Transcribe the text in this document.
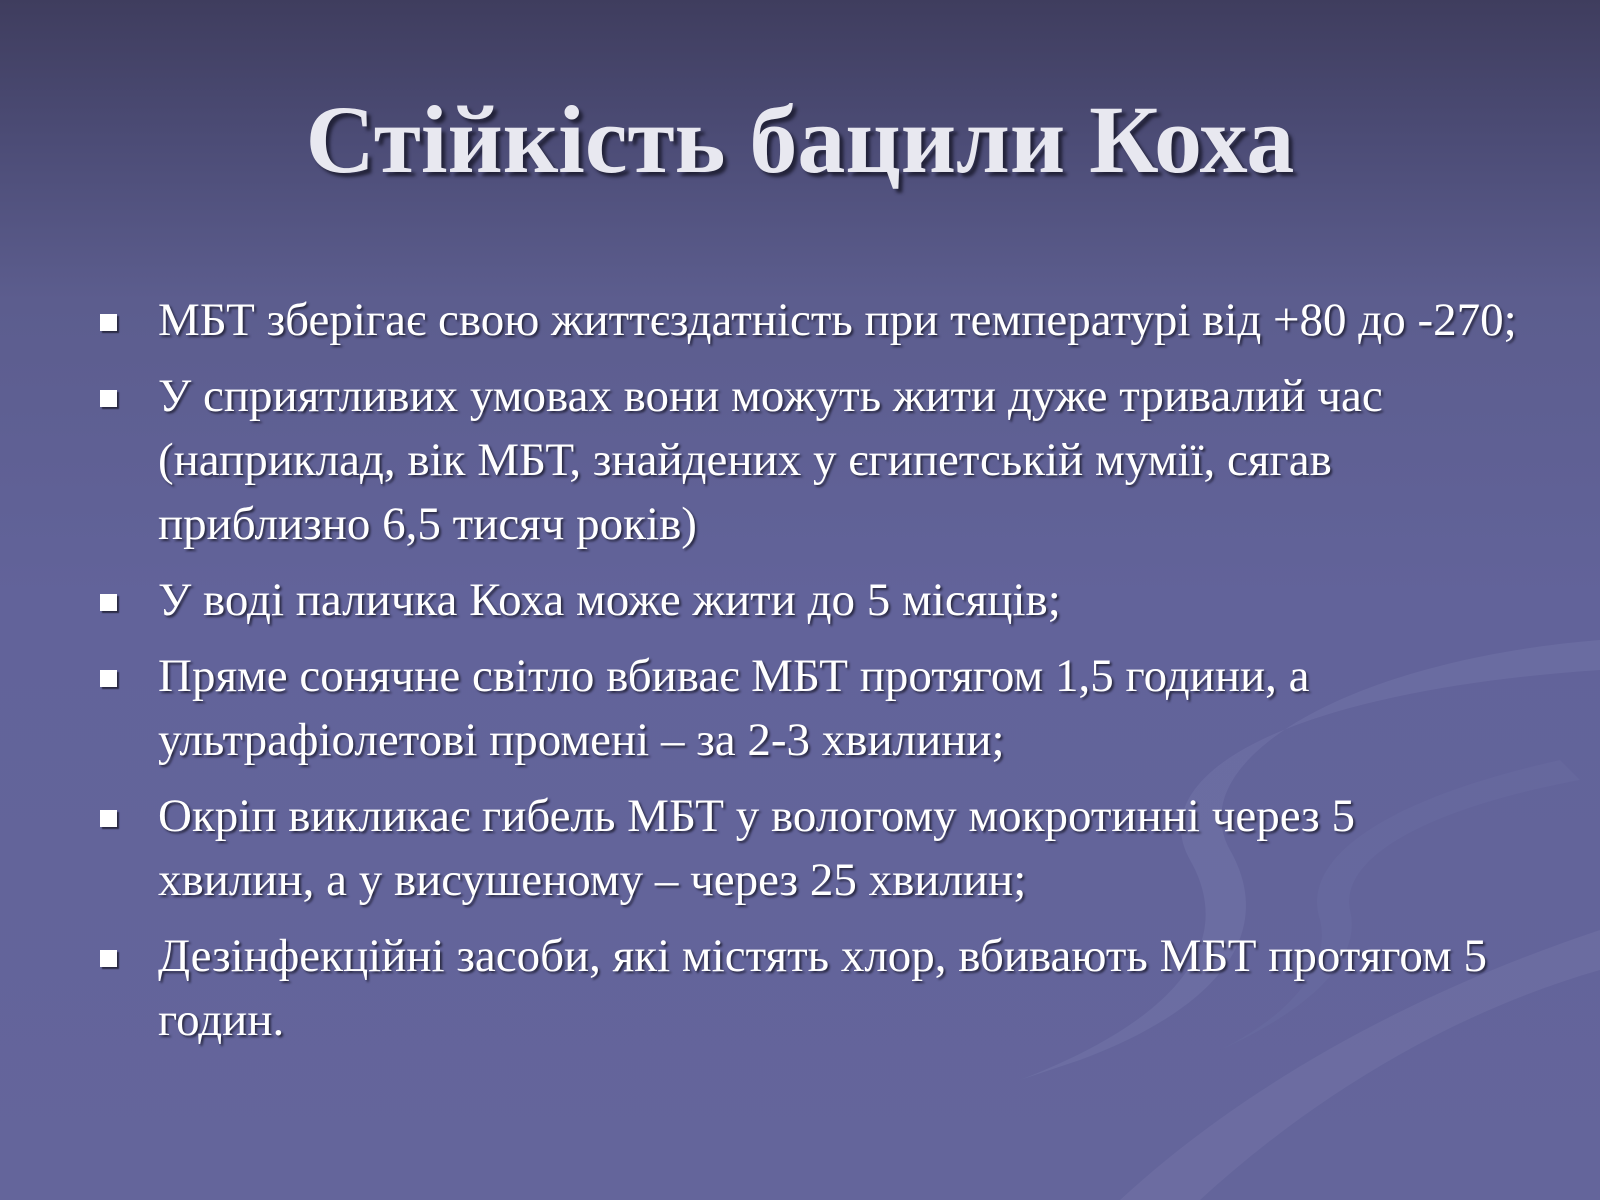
Стійкість бацили Коха
МБТ зберігає свою життєздатність при температурі від +80 до -270;
У сприятливих умовах вони можуть жити дуже тривалий час (наприклад, вік МБТ, знайдених у єгипетській мумії, сягав приблизно 6,5 тисяч років)
У воді паличка Коха може жити до 5 місяців;
Пряме сонячне світло вбиває МБТ протягом 1,5 години, а ультрафіолетові промені – за 2-3 хвилини;
Окріп викликає гибель МБТ у вологому мокротинні через 5 хвилин, а у висушеному – через 25 хвилин;
Дезінфекційні засоби, які містять хлор, вбивають МБТ протягом 5 годин.
